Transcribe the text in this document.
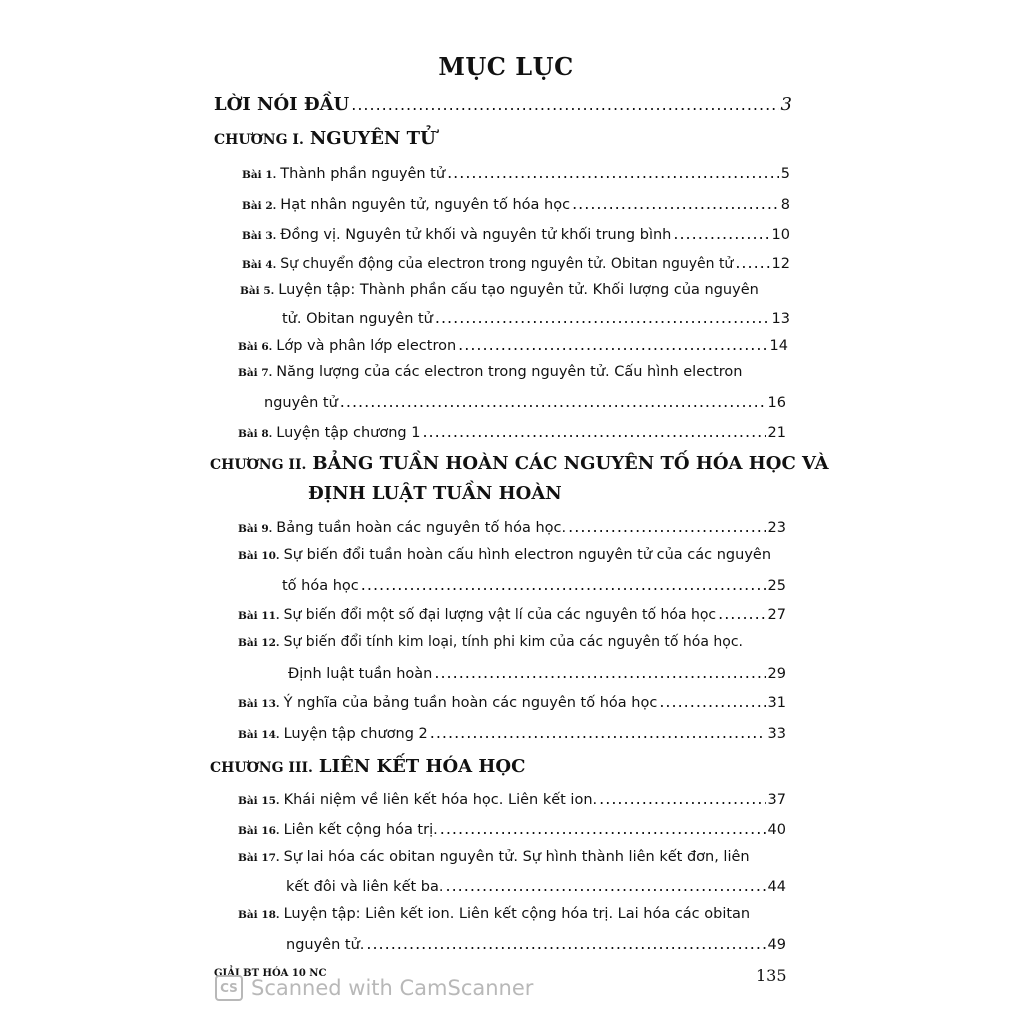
MỤC LỤC
LỜI NÓI ĐẦU .....	3
CHƯƠNG I. NGUYÊN TỬ
Bài 1. Thành phần nguyên tử .....	5
Bài 2. Hạt nhân nguyên tử, nguyên tố hóa học .....	8
Bài 3. Đồng vị. Nguyên tử khối và nguyên tử khối trung bình .....	10
Bài 4. Sự chuyển động của electron trong nguyên tử. Obitan nguyên tử .....	12
Bài 5. Luyện tập: Thành phần cấu tạo nguyên tử. Khối lượng của nguyên
tử. Obitan nguyên tử .....	13
Bài 6. Lớp và phân lớp electron .....	14
Bài 7. Năng lượng của các electron trong nguyên tử. Cấu hình electron
nguyên tử .....	16
Bài 8. Luyện tập chương 1 .....	21
CHƯƠNG II. BẢNG TUẦN HOÀN CÁC NGUYÊN TỐ HÓA HỌC VÀ
ĐỊNH LUẬT TUẦN HOÀN
Bài 9. Bảng tuần hoàn các nguyên tố hóa học. .....	23
Bài 10. Sự biến đổi tuần hoàn cấu hình electron nguyên tử của các nguyên
tố hóa học .....	25
Bài 11. Sự biến đổi một số đại lượng vật lí của các nguyên tố hóa học .....	27
Bài 12. Sự biến đổi tính kim loại, tính phi kim của các nguyên tố hóa học.
Định luật tuần hoàn .....	29
Bài 13. Ý nghĩa của bảng tuần hoàn các nguyên tố hóa học .....	31
Bài 14. Luyện tập chương 2 .....	33
CHƯƠNG III. LIÊN KẾT HÓA HỌC
Bài 15. Khái niệm về liên kết hóa học. Liên kết ion. .....	37
Bài 16. Liên kết cộng hóa trị. .....	40
Bài 17. Sự lai hóa các obitan nguyên tử. Sự hình thành liên kết đơn, liên
kết đôi và liên kết ba. .....	44
Bài 18. Luyện tập: Liên kết ion. Liên kết cộng hóa trị. Lai hóa các obitan
nguyên tử. .....	49
GIẢI BT HÓA 10 NC	135
CS Scanned with CamScanner
